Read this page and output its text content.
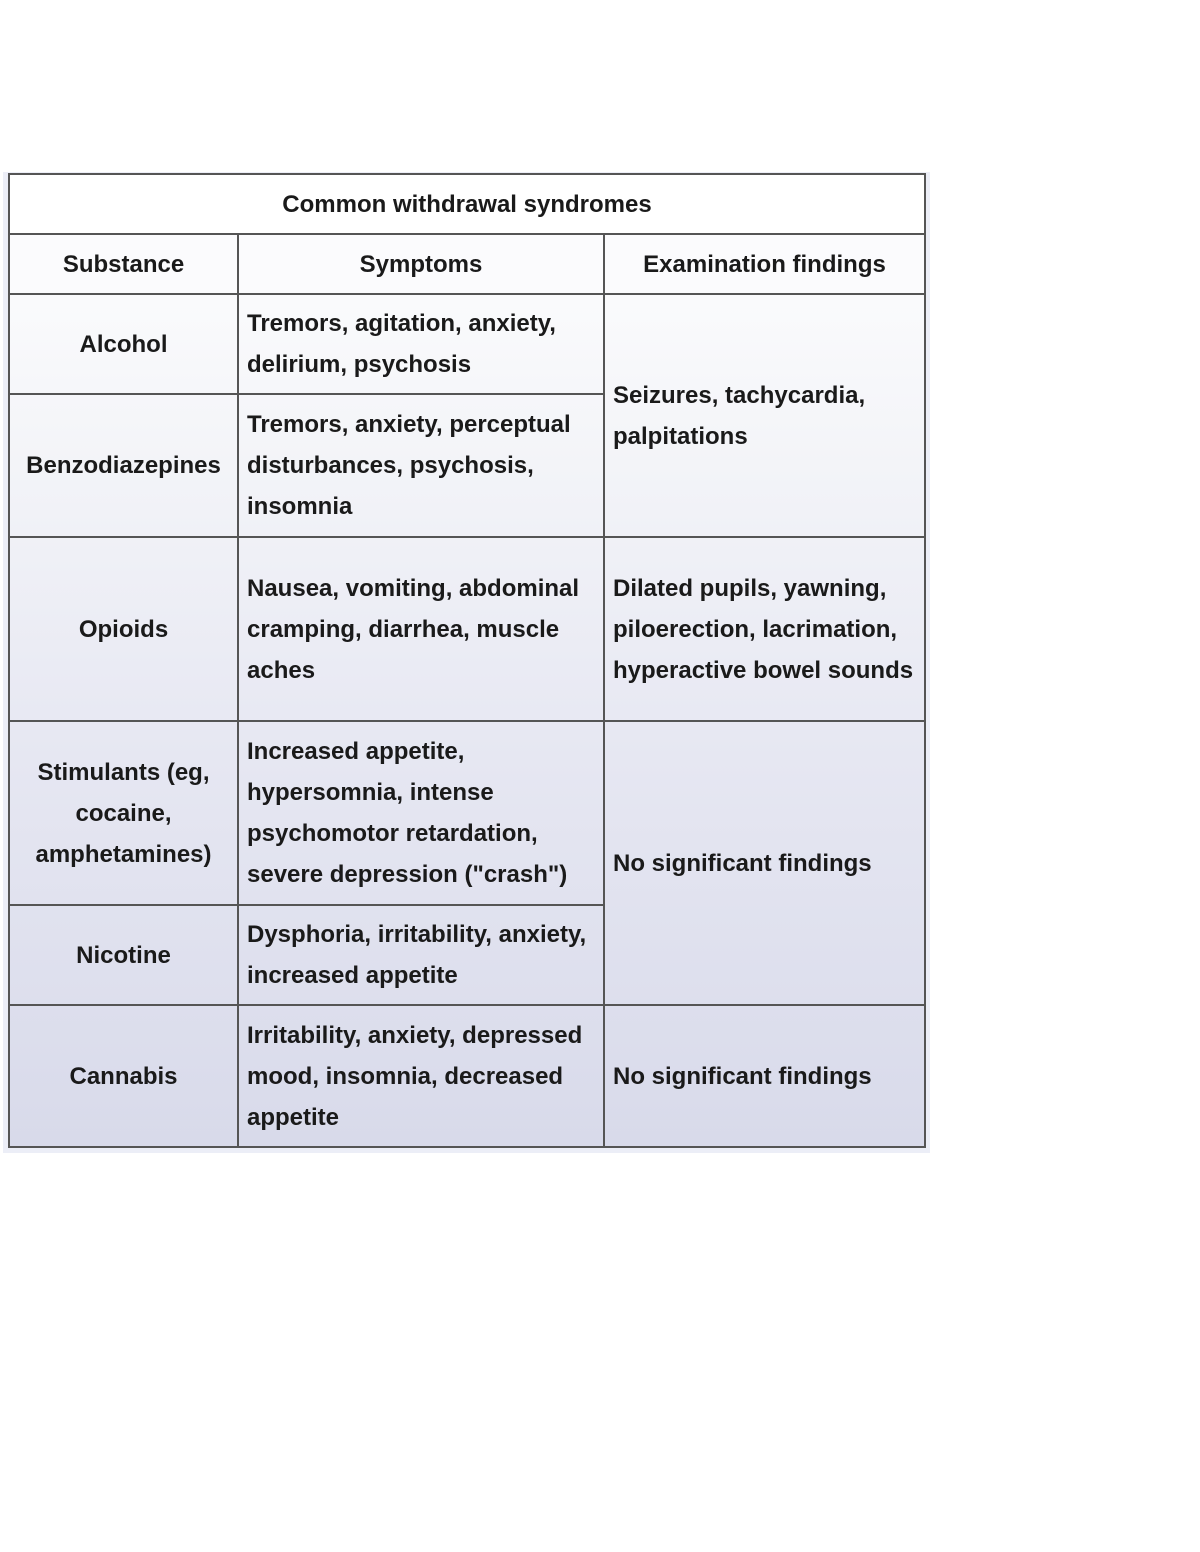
Common withdrawal syndromes		
Substance	Symptoms	Examination findings
Alcohol	Tremors, agitation, anxiety, delirium, psychosis	Seizures, tachycardia, palpitations
Benzodiazepines	Tremors, anxiety, perceptual disturbances, psychosis, insomnia	
Opioids	Nausea, vomiting, abdominal cramping, diarrhea, muscle aches	Dilated pupils, yawning, piloerection, lacrimation, hyperactive bowel sounds
Stimulants (eg, cocaine, amphetamines)	Increased appetite, hypersomnia, intense psychomotor retardation, severe depression ("crash")	No significant findings
Nicotine	Dysphoria, irritability, anxiety, increased appetite	
Cannabis	Irritability, anxiety, depressed mood, insomnia, decreased appetite	No significant findings
